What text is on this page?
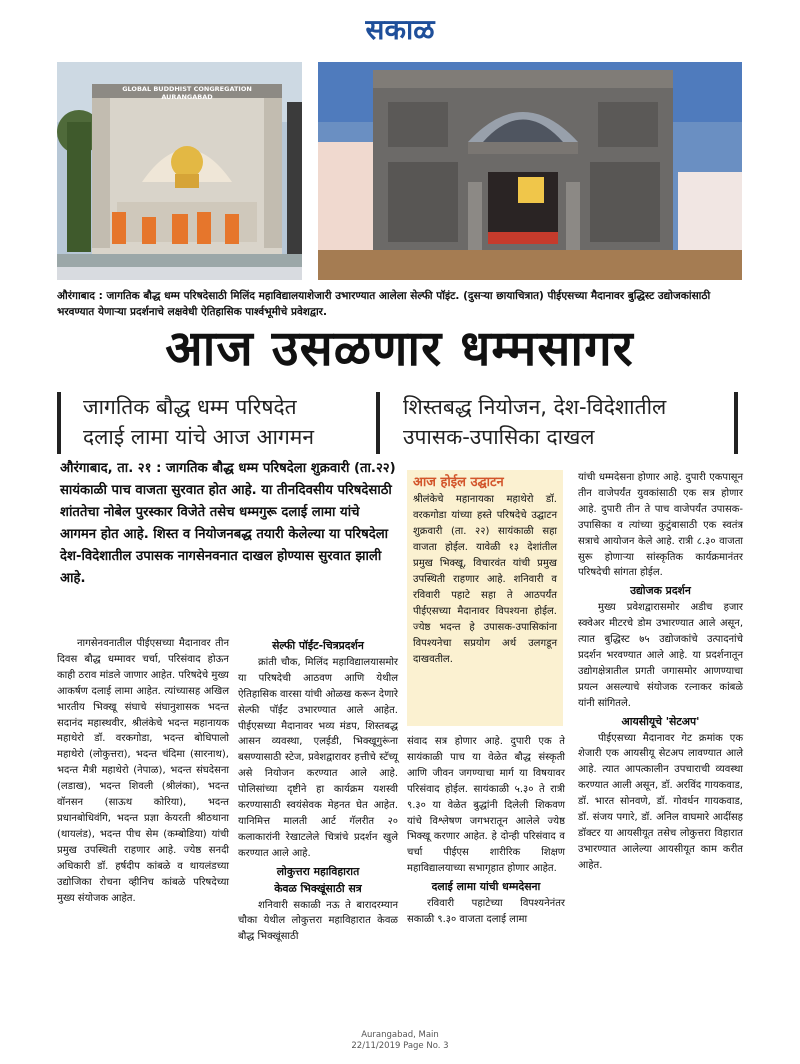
सकाळ
GLOBAL BUDDHIST CONGREGATION AURANGABAD
औरंगाबाद : जागतिक बौद्ध धम्म परिषदेसाठी मिलिंद महाविद्यालयाशेजारी उभारण्यात आलेला सेल्फी पॉइंट. (दुसऱ्या छायाचित्रात) पीईएसच्या मैदानावर बुद्धिस्ट उद्योजकांसाठी भरवण्यात येणाऱ्या प्रदर्शनाचे लक्षवेधी ऐतिहासिक पार्श्वभूमीचे प्रवेशद्वार.
आज उसळणार धम्मसागर
जागतिक बौद्ध धम्म परिषदेत
दलाई लामा यांचे आज आगमन
शिस्तबद्ध नियोजन, देश-विदेशातील
उपासक-उपासिका दाखल
औरंगाबाद, ता. २१ : जागतिक बौद्ध धम्म परिषदेला शुक्रवारी (ता.२२) सायंकाळी पाच वाजता सुरवात होत आहे. या तीनदिवसीय परिषदेसाठी शांततेचा नोबेल पुरस्कार विजेते तसेच धम्मगुरू दलाई लामा यांचे आगमन होत आहे. शिस्त व नियोजनबद्ध तयारी केलेल्या या परिषदेला देश-विदेशातील उपासक नागसेनवनात दाखल होण्यास सुरवात झाली आहे.
आज होईल उद्घाटन

श्रीलंकेचे महानायका महाथेरो डॉ. वरकगोडा यांच्या हस्ते परिषदेचे उद्घाटन शुक्रवारी (ता. २२) सायंकाळी सहा वाजता होईल. यावेळी १३ देशांतील प्रमुख भिक्खू, विचारवंत यांची प्रमुख उपस्थिती राहणार आहे. शनिवारी व रविवारी पहाटे सहा ते आठपर्यंत पीईएसच्या मैदानावर विपश्यना होईल. ज्येष्ठ भदन्त हे उपासक-उपासिकांना विपश्यनेचा सप्रयोग अर्थ उलगडून दाखवतील.

नागसेनवनातील पीईएसच्या मैदानावर तीन दिवस बौद्ध धम्मावर चर्चा, परिसंवाद होऊन काही ठराव मांडले जाणार आहेत. परिषदेचे मुख्य आकर्षण दलाई लामा आहेत. त्यांच्यासह अखिल भारतीय भिक्खू संघाचे संघानुशासक भदन्त सदानंद महास्थवीर, श्रीलंकेचे भदन्त महानायक महाथेरो डॉ. वरकगोडा, भदन्त बोधिपालो महाथेरो (लोकुत्तरा), भदन्त चंदिमा (सारनाथ), भदन्त मैत्री महाथेरो (नेपाळ), भदन्त संघदेसना (लडाख), भदन्त शिवली (श्रीलंका), भदन्त वॉनसन (साऊथ कोरिया), भदन्त प्रधानबोधिवंगि, भदन्त प्रज्ञा केयरती श्रीठथाना (थायलंड), भदन्त पीच सेम (कम्बोडिया) यांची प्रमुख उपस्थिती राहणार आहे. ज्येष्ठ सनदी अधिकारी डॉ. हर्षदीप कांबळे व थायलंडच्या उद्योजिका रोचना व्हीनिच कांबळे परिषदेच्या मुख्य संयोजक आहेत.

सेल्फी पॉईंट-चित्रप्रदर्शन

क्रांती चौक, मिलिंद महाविद्यालयासमोर या परिषदेची आठवण आणि येथील ऐतिहासिक वारसा यांची ओळख करून देणारे सेल्फी पॉईंट उभारण्यात आले आहेत. पीईएसच्या मैदानावर भव्य मंडप, शिस्तबद्ध आसन व्यवस्था, एलईडी, भिक्खूगुरूंना बसण्यासाठी स्टेज, प्रवेशद्वारावर हत्तीचे स्टॅच्यू असे नियोजन करण्यात आले आहे. पोलिसांच्या दृष्टीने हा कार्यक्रम यशस्वी करण्यासाठी स्वयंसेवक मेहनत घेत आहेत. यानिमित्त मालती आर्ट गॅलरीत २० कलाकारांनी रेखाटलेले चित्रांचे प्रदर्शन खुले करण्यात आले आहे.

लोकुत्तरा महाविहारात
केवळ भिक्खूंसाठी सत्र

शनिवारी सकाळी नऊ ते बारादरम्यान चौका येथील लोकुत्तरा महाविहारात केवळ बौद्ध भिक्खूंसाठी

संवाद सत्र होणार आहे. दुपारी एक ते सायंकाळी पाच या वेळेत बौद्ध संस्कृती आणि जीवन जगण्याचा मार्ग या विषयावर परिसंवाद होईल. सायंकाळी ५.३० ते रात्री ९.३० या वेळेत बुद्धांनी दिलेली शिकवण यांचे विश्लेषण जगभरातून आलेले ज्येष्ठ भिक्खू करणार आहेत. हे दोन्ही परिसंवाद व चर्चा पीईएस शारीरिक शिक्षण महाविद्यालयाच्या सभागृहात होणार आहेत.

दलाई लामा यांची धम्मदेसना

रविवारी पहाटेच्या विपश्यनेनंतर सकाळी ९.३० वाजता दलाई लामा

यांची धम्मदेसना होणार आहे. दुपारी एकपासून तीन वाजेपर्यंत युवकांसाठी एक सत्र होणार आहे. दुपारी तीन ते पाच वाजेपर्यंत उपासक-उपासिका व त्यांच्या कुटुंबासाठी एक स्वतंत्र सत्राचे आयोजन केले आहे. रात्री ८.३० वाजता सुरू होणाऱ्या सांस्कृतिक कार्यक्रमानंतर परिषदेची सांगता होईल.

उद्योजक प्रदर्शन

मुख्य प्रवेशद्वारासमोर अडीच हजार स्क्वेअर मीटरचे डोम उभारण्यात आले असून, त्यात बुद्धिस्ट ७५ उद्योजकांचे उत्पादनांचे प्रदर्शन भरवण्यात आले आहे. या प्रदर्शनातून उद्योगक्षेत्रातील प्रगती जगासमोर आणण्याचा प्रयत्न असल्याचे संयोजक रत्नाकर कांबळे यांनी सांगितले.

आयसीयूचे 'सेटअप'

पीईएसच्या मैदानावर गेट क्रमांक एक शेजारी एक आयसीयू सेटअप लावण्यात आले आहे. त्यात आपत्कालीन उपचाराची व्यवस्था करण्यात आली असून, डॉ. अरविंद गायकवाड, डॉ. भारत सोनवणे, डॉ. गोवर्धन गायकवाड, डॉ. संजय पगारे, डॉ. अनिल वाघमारे आदींसह डॉक्टर या आयसीयूत तसेच लोकुत्तरा विहारात उभारण्यात आलेल्या आयसीयूत काम करीत आहेत.

Aurangabad, Main
22/11/2019 Page No. 3
